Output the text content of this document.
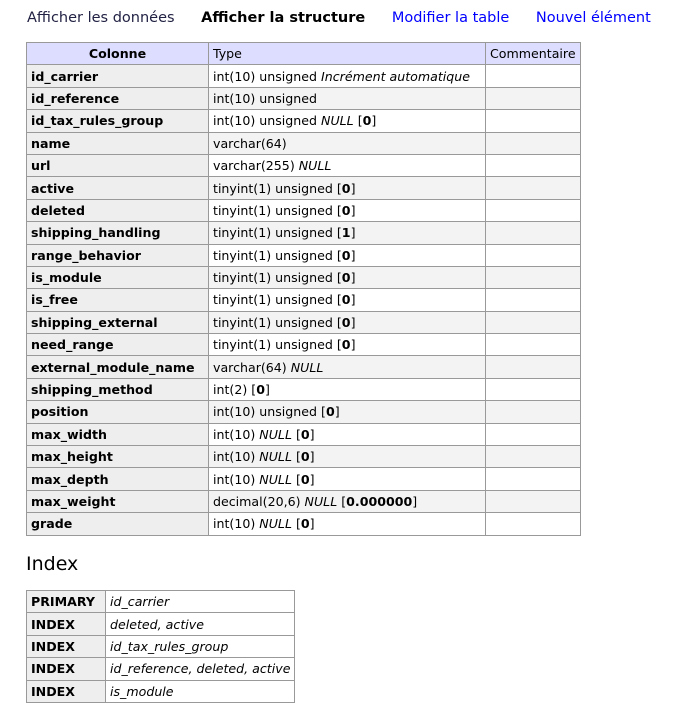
Afficher les données Afficher la structure Modifier la table Nouvel élément
Colonne	Type	Commentaire
id_carrier	int(10) unsigned Incrément automatique	
id_reference	int(10) unsigned	
id_tax_rules_group	int(10) unsigned NULL [0]	
name	varchar(64)	
url	varchar(255) NULL	
active	tinyint(1) unsigned [0]	
deleted	tinyint(1) unsigned [0]	
shipping_handling	tinyint(1) unsigned [1]	
range_behavior	tinyint(1) unsigned [0]	
is_module	tinyint(1) unsigned [0]	
is_free	tinyint(1) unsigned [0]	
shipping_external	tinyint(1) unsigned [0]	
need_range	tinyint(1) unsigned [0]	
external_module_name	varchar(64) NULL	
shipping_method	int(2) [0]	
position	int(10) unsigned [0]	
max_width	int(10) NULL [0]	
max_height	int(10) NULL [0]	
max_depth	int(10) NULL [0]	
max_weight	decimal(20,6) NULL [0.000000]	
grade	int(10) NULL [0]	
Index
PRIMARY	id_carrier
INDEX	deleted, active
INDEX	id_tax_rules_group
INDEX	id_reference, deleted, active
INDEX	is_module
